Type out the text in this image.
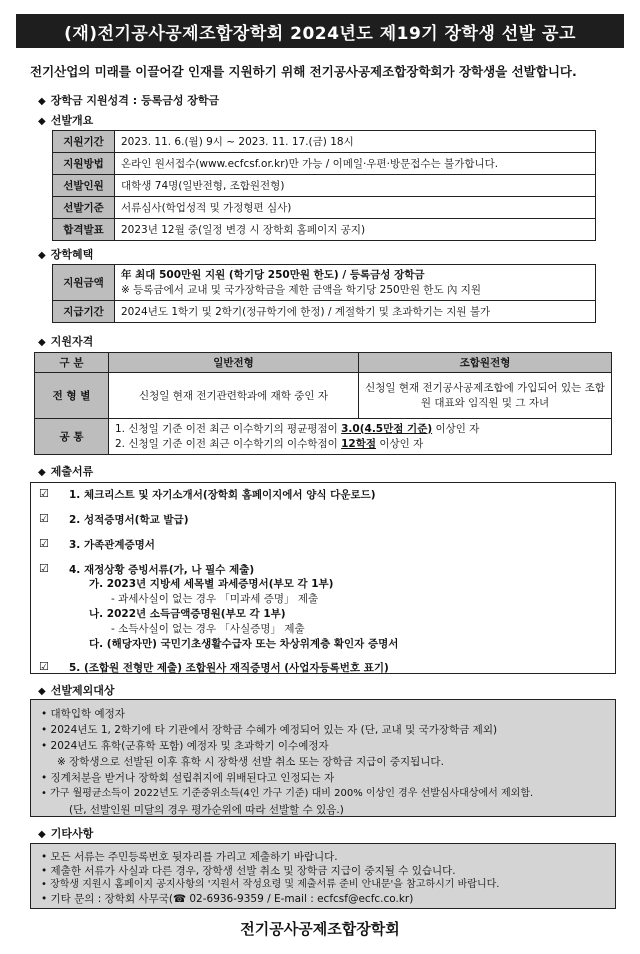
(재)전기공사공제조합장학회 2024년도 제19기 장학생 선발 공고
전기산업의 미래를 이끌어갈 인재를 지원하기 위해 전기공사공제조합장학회가 장학생을 선발합니다.
◆ 장학금 지원성격 : 등록금성 장학금
◆ 선발개요
지원기간	2023. 11. 6.(월) 9시 ~ 2023. 11. 17.(금) 18시
지원방법	온라인 원서접수(www.ecfcsf.or.kr)만 가능 / 이메일·우편·방문접수는 불가합니다.
선발인원	대학생 74명(일반전형, 조합원전형)
선발기준	서류심사(학업성적 및 가정형편 심사)
합격발표	2023년 12월 중(일정 변경 시 장학회 홈페이지 공지)
◆ 장학혜택
지원금액	年 최대 500만원 지원 (학기당 250만원 한도) / 등록금성 장학금
※ 등록금에서 교내 및 국가장학금을 제한 금액을 학기당 250만원 한도 內 지원

지급기간	2024년도 1학기 및 2학기(정규학기에 한정) / 계절학기 및 초과학기는 지원 불가
◆ 지원자격
구 분	일반전형	조합원전형
전 형 별	신청일 현재 전기관련학과에 재학 중인 자	신청일 현재 전기공사공제조합에 가입되어 있는 조합원 대표와 임직원 및 그 자녀
공 통	1. 신청일 기준 이전 최근 이수학기의 평균평점이 3.0(4.5만점 기준) 이상인 자
2. 신청일 기준 이전 최근 이수학기의 이수학점이 12학점 이상인 자	
◆ 제출서류
☑	1. 체크리스트 및 자기소개서(장학회 홈페이지에서 양식 다운로드)
☑	2. 성적증명서(학교 발급)
☑	3. 가족관계증명서
☑	4. 재정상황 증빙서류(가, 나 필수 제출)
가. 2023년 지방세 세목별 과세증명서(부모 각 1부)
- 과세사실이 없는 경우 「미과세 증명」 제출
나. 2022년 소득금액증명원(부모 각 1부)
- 소득사실이 없는 경우 「사실증명」 제출
다. (해당자만) 국민기초생활수급자 또는 차상위계층 확인자 증명서
☑	5. (조합원 전형만 제출) 조합원사 재직증명서 (사업자등록번호 표기)
◆ 선발제외대상
• 대학입학 예정자
• 2024년도 1, 2학기에 타 기관에서 장학금 수혜가 예정되어 있는 자 (단, 교내 및 국가장학금 제외)
• 2024년도 휴학(군휴학 포함) 예정자 및 초과학기 이수예정자
※ 장학생으로 선발된 이후 휴학 시 장학생 선발 취소 또는 장학금 지급이 중지됩니다.
• 징계처분을 받거나 장학회 설립취지에 위배된다고 인정되는 자
• 가구 월평균소득이 2022년도 기준중위소득(4인 가구 기준) 대비 200% 이상인 경우 선발심사대상에서 제외함.
(단, 선발인원 미달의 경우 평가순위에 따라 선발할 수 있음.)
◆ 기타사항
• 모든 서류는 주민등록번호 뒷자리를 가리고 제출하기 바랍니다.
• 제출한 서류가 사실과 다른 경우, 장학생 선발 취소 및 장학금 지급이 중지될 수 있습니다.
• 장학생 지원시 홈페이지 공지사항의 '지원서 작성요령 및 제출서류 준비 안내문'을 참고하시기 바랍니다.
• 기타 문의 : 장학회 사무국(☎ 02-6936-9359 / E-mail : ecfcsf@ecfc.co.kr)
전기공사공제조합장학회
